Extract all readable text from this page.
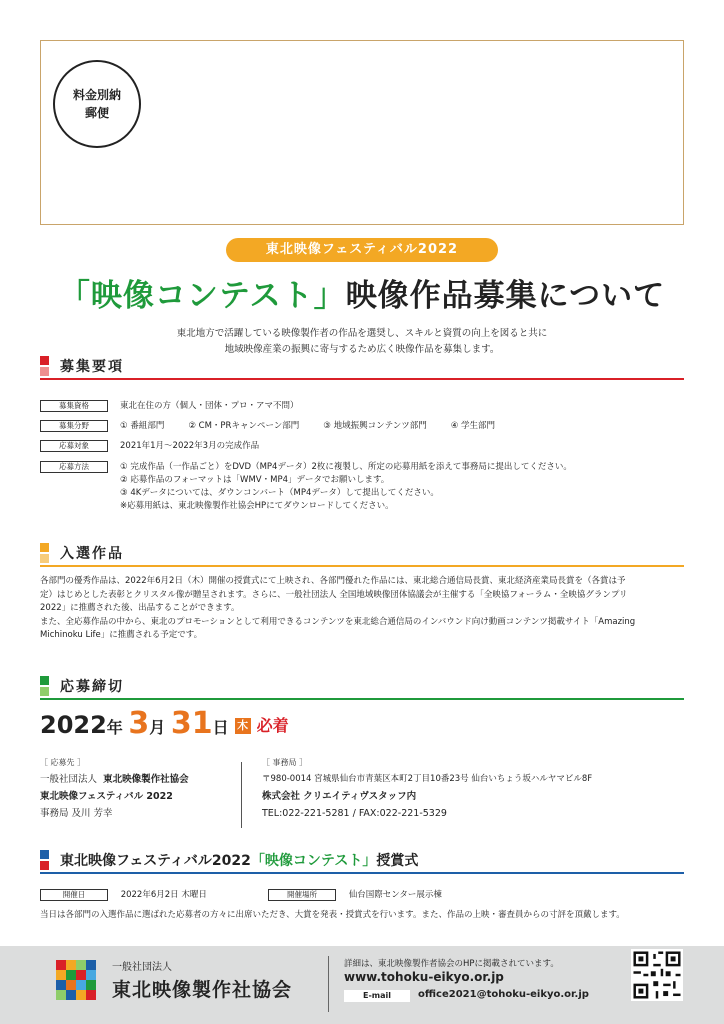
料金別納
郵便
東北映像フェスティバル2022
「映像コンテスト」映像作品募集について
東北地方で活躍している映像製作者の作品を選奨し、スキルと資質の向上を図ると共に
地域映像産業の振興に寄与するため広く映像作品を募集します。
募集要項
募集資格	東北在住の方（個人・団体・プロ・アマ不問）
募集分野	① 番組部門	② CM・PRキャンペーン部門	③ 地域振興コンテンツ部門	④ 学生部門
応募対象	2021年1月〜2022年3月の完成作品
応募方法	① 完成作品（一作品ごと）をDVD（MP4データ）2枚に複製し、所定の応募用紙を添えて事務局に提出してください。
② 応募作品のフォーマットは「WMV・MP4」データでお願いします。
③ 4Kデータについては、ダウンコンバート（MP4データ）して提出してください。
※応募用紙は、東北映像製作社協会HPにてダウンロードしてください。
入選作品
各部門の優秀作品は、2022年6月2日（木）開催の授賞式にて上映され、各部門優れた作品には、東北総合通信局長賞、東北経済産業局長賞を（各賞は予
定）はじめとした表彰とクリスタル像が贈呈されます。さらに、一般社団法人 全国地域映像団体協議会が主催する「全映協フォーラム・全映協グランプリ
2022」に推薦された後、出品することができます。
また、全応募作品の中から、東北のプロモーションとして利用できるコンテンツを東北総合通信局のインバウンド向け動画コンテンツ掲載サイト「Amazing
Michinoku Life」に推薦される予定です。
応募締切
2022年 3月 31日 木 必着
［ 応募先 ］
一般社団法人 東北映像製作社協会
東北映像フェスティバル 2022
事務局 及川 芳幸
［ 事務局 ］
〒980-0014 宮城県仙台市青葉区本町2丁目10番23号 仙台いちょう坂ハルヤマビル8F
株式会社 クリエイティヴスタッフ内
TEL:022-221-5281 / FAX:022-221-5329
東北映像フェスティバル2022「映像コンテスト」授賞式
開催日	2022年6月2日 木曜日	開催場所	仙台国際センター展示棟
当日は各部門の入選作品に選ばれた応募者の方々に出席いただき、大賞を発表・授賞式を行います。また、作品の上映・審査員からの寸評を頂戴します。
一般社団法人
東北映像製作社協会
詳細は、東北映像製作者協会のHPに掲載されています。
www.tohoku-eikyo.or.jp
E-mail	office2021@tohoku-eikyo.or.jp
